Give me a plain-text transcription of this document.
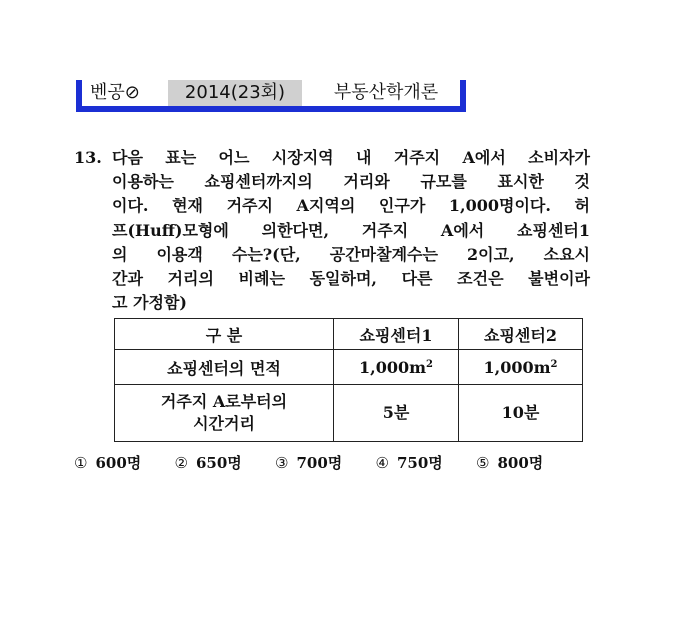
벤공⊘	2014(23회)	부동산학개론
13. 다음 표는 어느 시장지역 내 거주지 A에서 소비자가
이용하는 쇼핑센터까지의 거리와 규모를 표시한 것
이다. 현재 거주지 A지역의 인구가 1,000명이다. 허
프(Huff)모형에 의한다면, 거주지 A에서 쇼핑센터1
의 이용객 수는?(단, 공간마찰계수는 2이고, 소요시
간과 거리의 비례는 동일하며, 다른 조건은 불변이라
고 가정함)
구 분	쇼핑센터1	쇼핑센터2
쇼핑센터의 면적	$1,000m^2$	$1,000m^2$
거주지 A로부터의
시간거리	5분	10분
① 600명 ② 650명 ③ 700명 ④ 750명 ⑤ 800명
